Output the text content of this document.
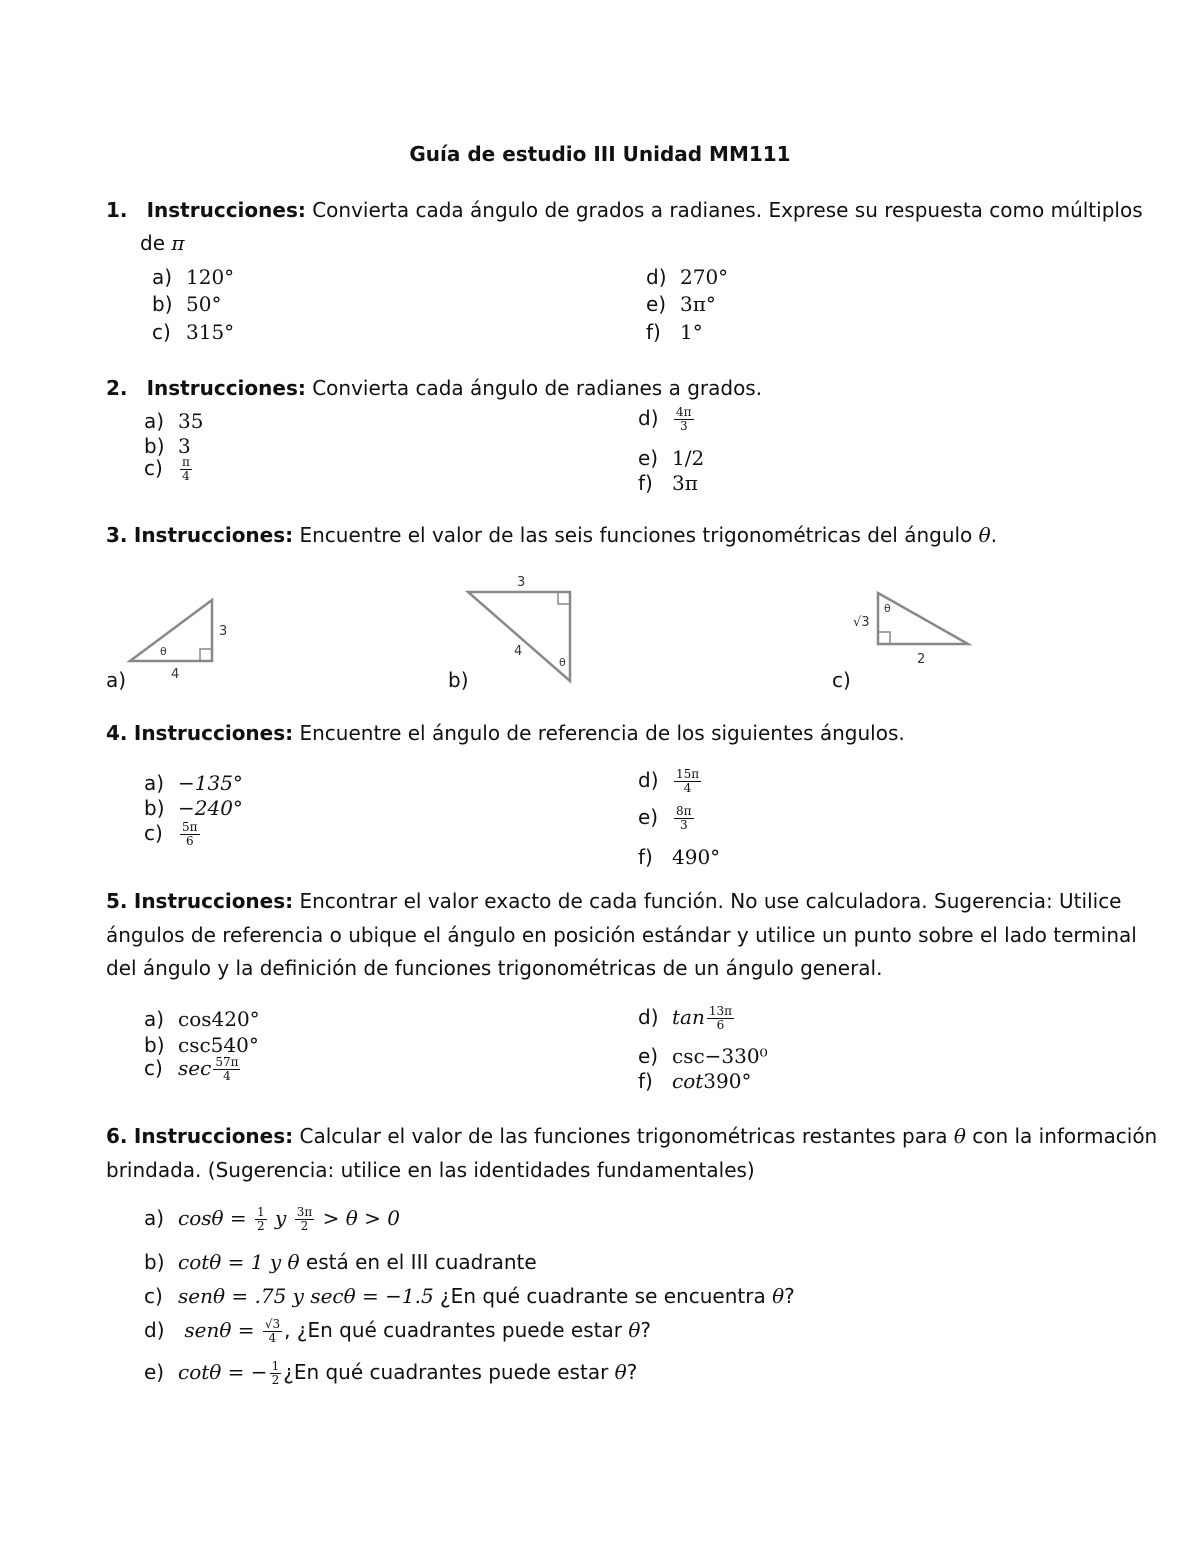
Guía de estudio III Unidad MM111
1. Instrucciones: Convierta cada ángulo de grados a radianes. Exprese su respuesta como múltiplos
de π
a) 120°
b) 50°
c) 315°
d) 270°
e) 3π°
f) 1°
2. Instrucciones: Convierta cada ángulo de radianes a grados.
a) 35
b) 3
$c) \frac{\pi}{4}$
$d) \frac{4\pi}{3}$
e) 1/2
f) 3π
3. Instrucciones: Encuentre el valor de las seis funciones trigonométricas del ángulo θ.
3
4
θ
3
4
θ
√3
2
θ
a)	b)	c)
4. Instrucciones: Encuentre el ángulo de referencia de los siguientes ángulos.
a) −135°
b) −240°
$c) \frac{5\pi}{6}$
$d) \frac{15\pi}{4}$
$e) \frac{8\pi}{3}$
f) 490°
5. Instrucciones: Encontrar el valor exacto de cada función. No use calculadora. Sugerencia: Utilice
ángulos de referencia o ubique el ángulo en posición estándar y utilice un punto sobre el lado terminal
del ángulo y la definición de funciones trigonométricas de un ángulo general.
a) cos420°
b) csc540°
c) $\sec \frac{57\pi}{4}$
d) $\tan \frac{13\pi}{6}$
e) csc−330⁰
f) cot390°
6. Instrucciones: Calcular el valor de las funciones trigonométricas restantes para θ con la información
brindada. (Sugerencia: utilice en las identidades fundamentales)
a) $\cos\theta = \frac{1}{2}$ y $\frac{3\pi}{2} > \theta > 0$
b) cotθ = 1 y θ está en el III cuadrante
c) senθ = .75 y secθ = −1.5 ¿En qué cuadrante se encuentra θ?
d) $sen\theta = \frac{√3}{4}$ , ¿En qué cuadrantes puede estar θ?
e) cotθ = − $\frac{1}{2}$ ¿En qué cuadrantes puede estar θ?
